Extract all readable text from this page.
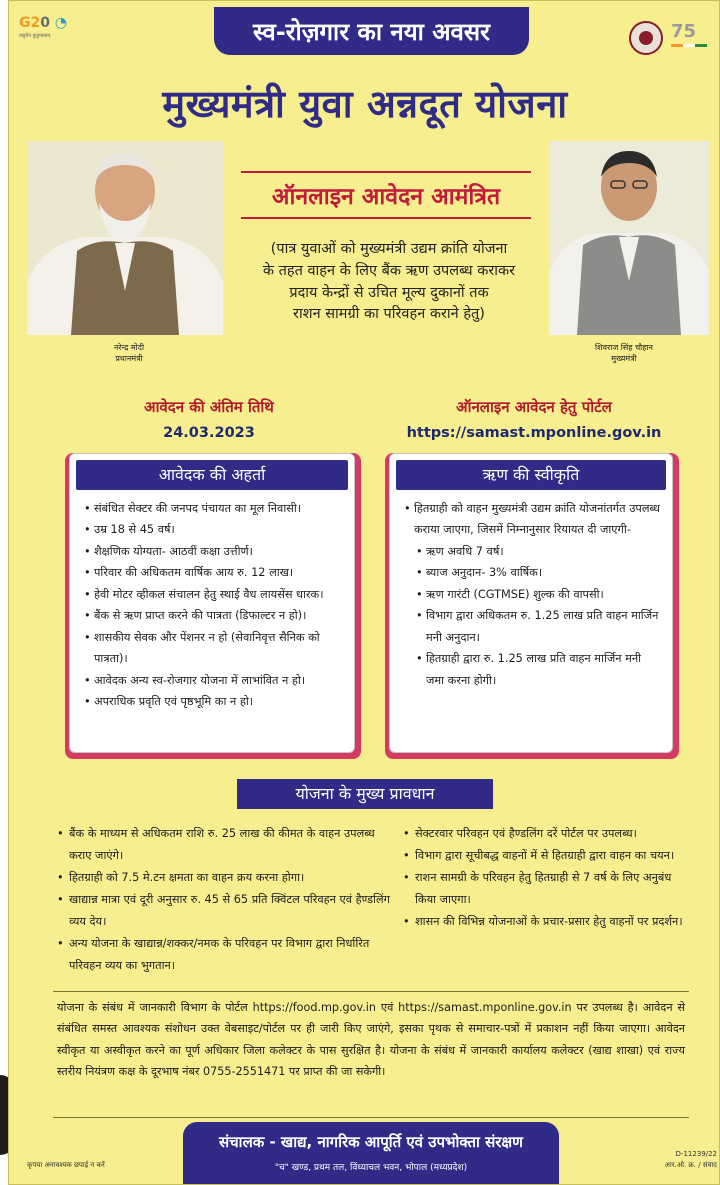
G20 ◔
वसुधैव कुटुम्बकम्	स्व-रोज़गार का नया अवसर	75
मुख्यमंत्री युवा अन्नदूत योजना
नरेन्द्र मोदी
प्रधानमंत्री
ऑनलाइन आवेदन आमंत्रित
(पात्र युवाओं को मुख्यमंत्री उद्यम क्रांति योजना
के तहत वाहन के लिए बैंक ऋण उपलब्ध कराकर
प्रदाय केन्द्रों से उचित मूल्य दुकानों तक
राशन सामग्री का परिवहन कराने हेतु)
शिवराज सिंह चौहान
मुख्यमंत्री
आवेदन की अंतिम तिथि
24.03.2023
ऑनलाइन आवेदन हेतु पोर्टल
https://samast.mponline.gov.in
आवेदक की अहर्ता
• संबंधित सेक्टर की जनपद पंचायत का मूल निवासी।
• उम्र 18 से 45 वर्ष।
• शैक्षणिक योग्यता- आठवीं कक्षा उत्तीर्ण।
• परिवार की अधिकतम वार्षिक आय रु. 12 लाख।
• हेवी मोटर व्हीकल संचालन हेतु स्थाई वैध लायसेंस धारक।
• बैंक से ऋण प्राप्त करने की पात्रता (डिफाल्टर न हो)।
• शासकीय सेवक और पेंशनर न हो (सेवानिवृत्त सैनिक को पात्रता)।
• आवेदक अन्य स्व-रोजगार योजना में लाभांवित न हो।
• अपराधिक प्रवृति एवं पृष्ठभूमि का न हो।
ऋण की स्वीकृति
• हितग्राही को वाहन मुख्यमंत्री उद्यम क्रांति योजनांतर्गत उपलब्ध कराया जाएगा, जिसमें निम्नानुसार रियायत दी जाएगी-
• ऋण अवधि 7 वर्ष।
• ब्याज अनुदान- 3% वार्षिक।
• ऋण गारंटी (CGTMSE) शुल्क की वापसी।
• विभाग द्वारा अधिकतम रु. 1.25 लाख प्रति वाहन मार्जिन मनी अनुदान।
• हितग्राही द्वारा रु. 1.25 लाख प्रति वाहन मार्जिन मनी जमा करना होगी।
योजना के मुख्य प्रावधान
• बैंक के माध्यम से अधिकतम राशि रु. 25 लाख की कीमत के वाहन उपलब्ध कराए जाएंगे।
• हितग्राही को 7.5 मे.टन क्षमता का वाहन क्रय करना होगा।
• खाद्यान्न मात्रा एवं दूरी अनुसार रु. 45 से 65 प्रति क्विंटल परिवहन एवं हैण्डलिंग व्यय देय।
• अन्य योजना के खाद्यान्न/शक्कर/नमक के परिवहन पर विभाग द्वारा निर्धारित परिवहन व्यय का भुगतान।
• सेक्टरवार परिवहन एवं हैण्डलिंग दरें पोर्टल पर उपलब्ध।
• विभाग द्वारा सूचीबद्ध वाहनों में से हितग्राही द्वारा वाहन का चयन।
• राशन सामग्री के परिवहन हेतु हितग्राही से 7 वर्ष के लिए अनुबंध किया जाएगा।
• शासन की विभिन्न योजनाओं के प्रचार-प्रसार हेतु वाहनों पर प्रदर्शन।
योजना के संबंध में जानकारी विभाग के पोर्टल https://food.mp.gov.in एवं https://samast.mponline.gov.in पर उपलब्ध है। आवेदन से संबंधित समस्त आवश्यक संशोधन उक्त वेबसाइट/पोर्टल पर ही जारी किए जाएंगे, इसका पृथक से समाचार-पत्रों में प्रकाशन नहीं किया जाएगा। आवेदन स्वीकृत या अस्वीकृत करने का पूर्ण अधिकार जिला कलेक्टर के पास सुरक्षित है। योजना के संबंध में जानकारी कार्यालय कलेक्टर (खाद्य शाखा) एवं राज्य स्तरीय नियंत्रण कक्ष के दूरभाष नंबर 0755-2551471 पर प्राप्त की जा सकेगी।
कृपया अनावश्यक छपाई न करें
संचालक - खाद्य, नागरिक आपूर्ति एवं उपभोक्ता संरक्षण
"च" खण्ड, प्रथम तल, विंध्याचल भवन, भोपाल (मध्यप्रदेश)
D-11239/22
आर.ओ. क्र. / संवाद
